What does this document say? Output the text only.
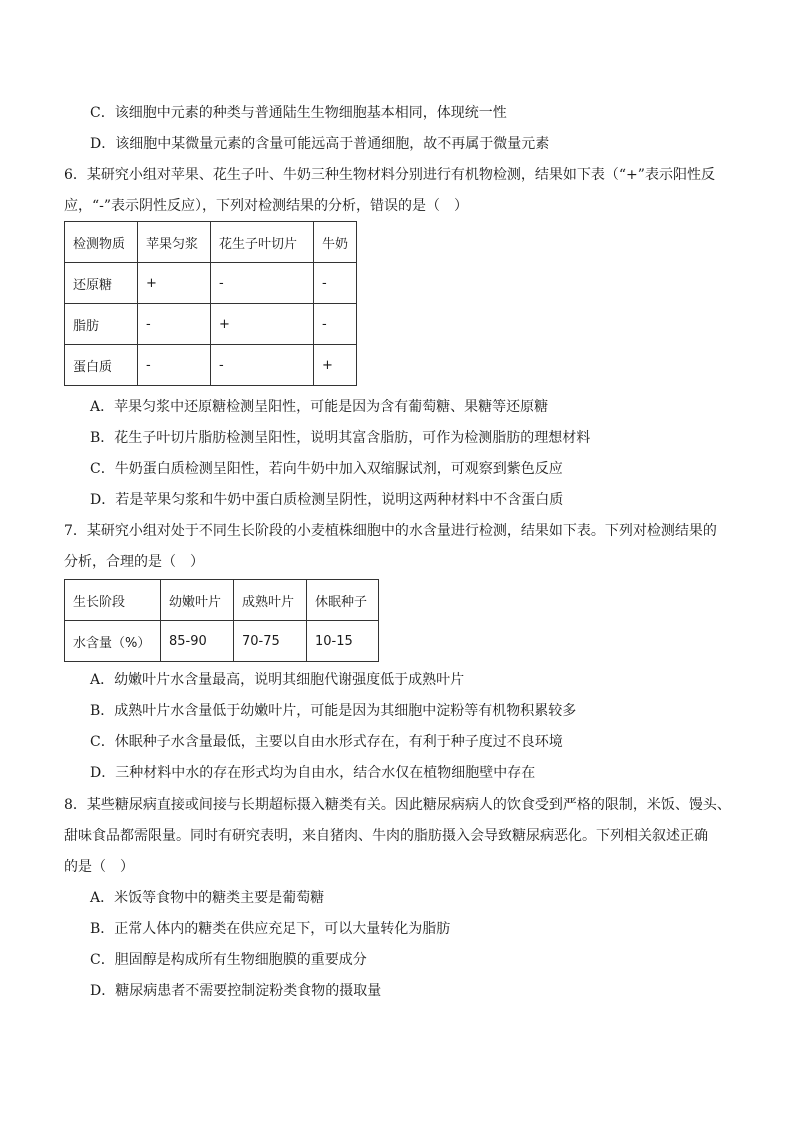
C．该细胞中元素的种类与普通陆生生物细胞基本相同，体现统一性
D．该细胞中某微量元素的含量可能远高于普通细胞，故不再属于微量元素
6．某研究小组对苹果、花生子叶、牛奶三种生物材料分别进行有机物检测，结果如下表（“+”表示阳性反
应，“-”表示阴性反应），下列对检测结果的分析，错误的是（　）
检测物质	苹果匀浆	花生子叶切片	牛奶
还原糖	+	-	-
脂肪	-	+	-
蛋白质	-	-	+
A．苹果匀浆中还原糖检测呈阳性，可能是因为含有葡萄糖、果糖等还原糖
B．花生子叶切片脂肪检测呈阳性，说明其富含脂肪，可作为检测脂肪的理想材料
C．牛奶蛋白质检测呈阳性，若向牛奶中加入双缩脲试剂，可观察到紫色反应
D．若是苹果匀浆和牛奶中蛋白质检测呈阴性，说明这两种材料中不含蛋白质
7．某研究小组对处于不同生长阶段的小麦植株细胞中的水含量进行检测，结果如下表。下列对检测结果的
分析，合理的是（　）
生长阶段	幼嫩叶片	成熟叶片	休眠种子
水含量（%）	85-90	70-75	10-15
A．幼嫩叶片水含量最高，说明其细胞代谢强度低于成熟叶片
B．成熟叶片水含量低于幼嫩叶片，可能是因为其细胞中淀粉等有机物积累较多
C．休眠种子水含量最低，主要以自由水形式存在，有利于种子度过不良环境
D．三种材料中水的存在形式均为自由水，结合水仅在植物细胞壁中存在
8．某些糖尿病直接或间接与长期超标摄入糖类有关。因此糖尿病病人的饮食受到严格的限制，米饭、馒头、
甜味食品都需限量。同时有研究表明，来自猪肉、牛肉的脂肪摄入会导致糖尿病恶化。下列相关叙述正确
的是（　）
A．米饭等食物中的糖类主要是葡萄糖
B．正常人体内的糖类在供应充足下，可以大量转化为脂肪
C．胆固醇是构成所有生物细胞膜的重要成分
D．糖尿病患者不需要控制淀粉类食物的摄取量
